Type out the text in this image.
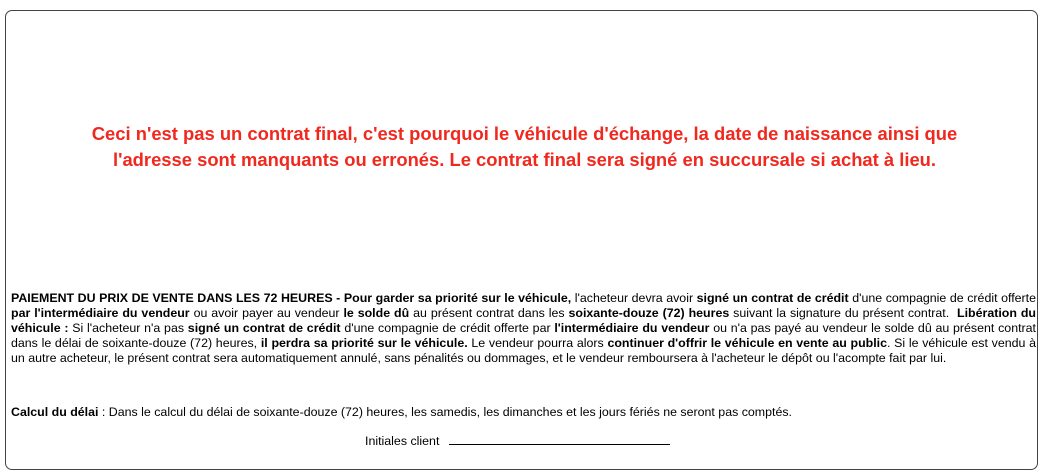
Ceci n'est pas un contrat final, c'est pourquoi le véhicule d'échange, la date de naissance ainsi que
l'adresse sont manquants ou erronés. Le contrat final sera signé en succursale si achat à lieu.
PAIEMENT DU PRIX DE VENTE DANS LES 72 HEURES - Pour garder sa priorité sur le véhicule, l'acheteur devra avoir signé un contrat de crédit d'une compagnie de crédit offerte par l'intermédiaire du vendeur ou avoir payer au vendeur le solde dû au présent contrat dans les soixante-douze (72) heures suivant la signature du présent contrat.  Libération du véhicule : Si l'acheteur n'a pas signé un contrat de crédit d'une compagnie de crédit offerte par l'intermédiaire du vendeur ou n'a pas payé au vendeur le solde dû au présent contrat dans le délai de soixante-douze (72) heures, il perdra sa priorité sur le véhicule. Le vendeur pourra alors continuer d'offrir le véhicule en vente au public. Si le véhicule est vendu à un autre acheteur, le présent contrat sera automatiquement annulé, sans pénalités ou dommages, et le vendeur remboursera à l'acheteur le dépôt ou l'acompte fait par lui.
Calcul du délai : Dans le calcul du délai de soixante-douze (72) heures, les samedis, les dimanches et les jours fériés ne seront pas comptés.
Initiales client
